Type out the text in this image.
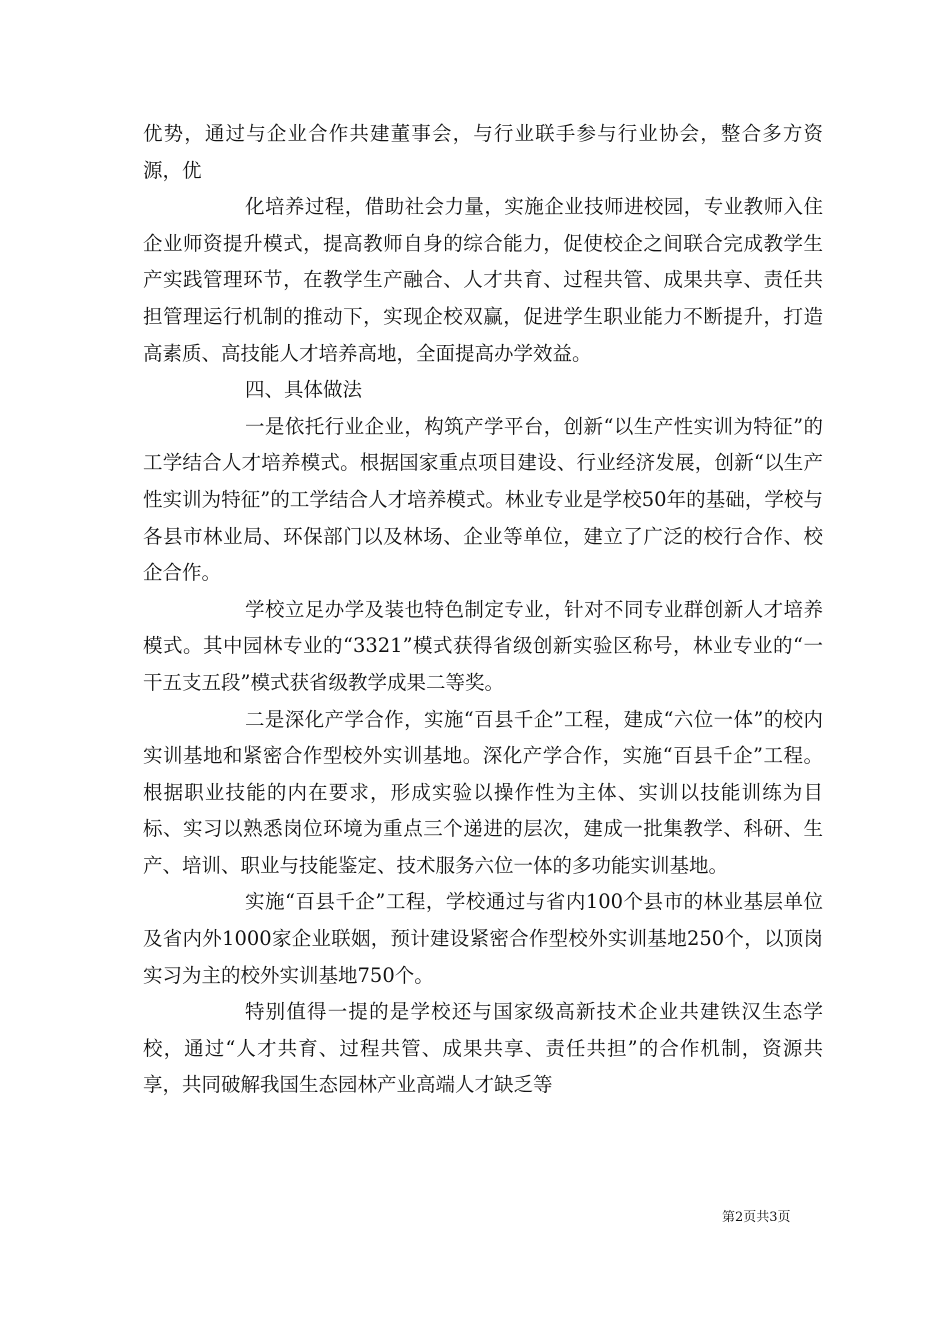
优势，通过与企业合作共建董事会，与行业联手参与行业协会，整合多方资源，优

化培养过程，借助社会力量，实施企业技师进校园，专业教师入住企业师资提升模式，提高教师自身的综合能力，促使校企之间联合完成教学生产实践管理环节，在教学生产融合、人才共育、过程共管、成果共享、责任共担管理运行机制的推动下，实现企校双赢，促进学生职业能力不断提升，打造高素质、高技能人才培养高地，全面提高办学效益。

四、具体做法

一是依托行业企业，构筑产学平台，创新“以生产性实训为特征”的工学结合人才培养模式。根据国家重点项目建设、行业经济发展，创新“以生产性实训为特征”的工学结合人才培养模式。林业专业是学校50年的基础，学校与各县市林业局、环保部门以及林场、企业等单位，建立了广泛的校行合作、校企合作。

学校立足办学及装也特色制定专业，针对不同专业群创新人才培养模式。其中园林专业的“3321”模式获得省级创新实验区称号，林业专业的“一干五支五段”模式获省级教学成果二等奖。

二是深化产学合作，实施“百县千企”工程，建成“六位一体”的校内实训基地和紧密合作型校外实训基地。深化产学合作，实施“百县千企”工程。根据职业技能的内在要求，形成实验以操作性为主体、实训以技能训练为目标、实习以熟悉岗位环境为重点三个递进的层次，建成一批集教学、科研、生产、培训、职业与技能鉴定、技术服务六位一体的多功能实训基地。

实施“百县千企”工程，学校通过与省内100个县市的林业基层单位及省内外1000家企业联姻，预计建设紧密合作型校外实训基地250个，以顶岗实习为主的校外实训基地750个。

特别值得一提的是学校还与国家级高新技术企业共建铁汉生态学校，通过“人才共育、过程共管、成果共享、责任共担”的合作机制，资源共享，共同破解我国生态园林产业高端人才缺乏等

第2页共3页
